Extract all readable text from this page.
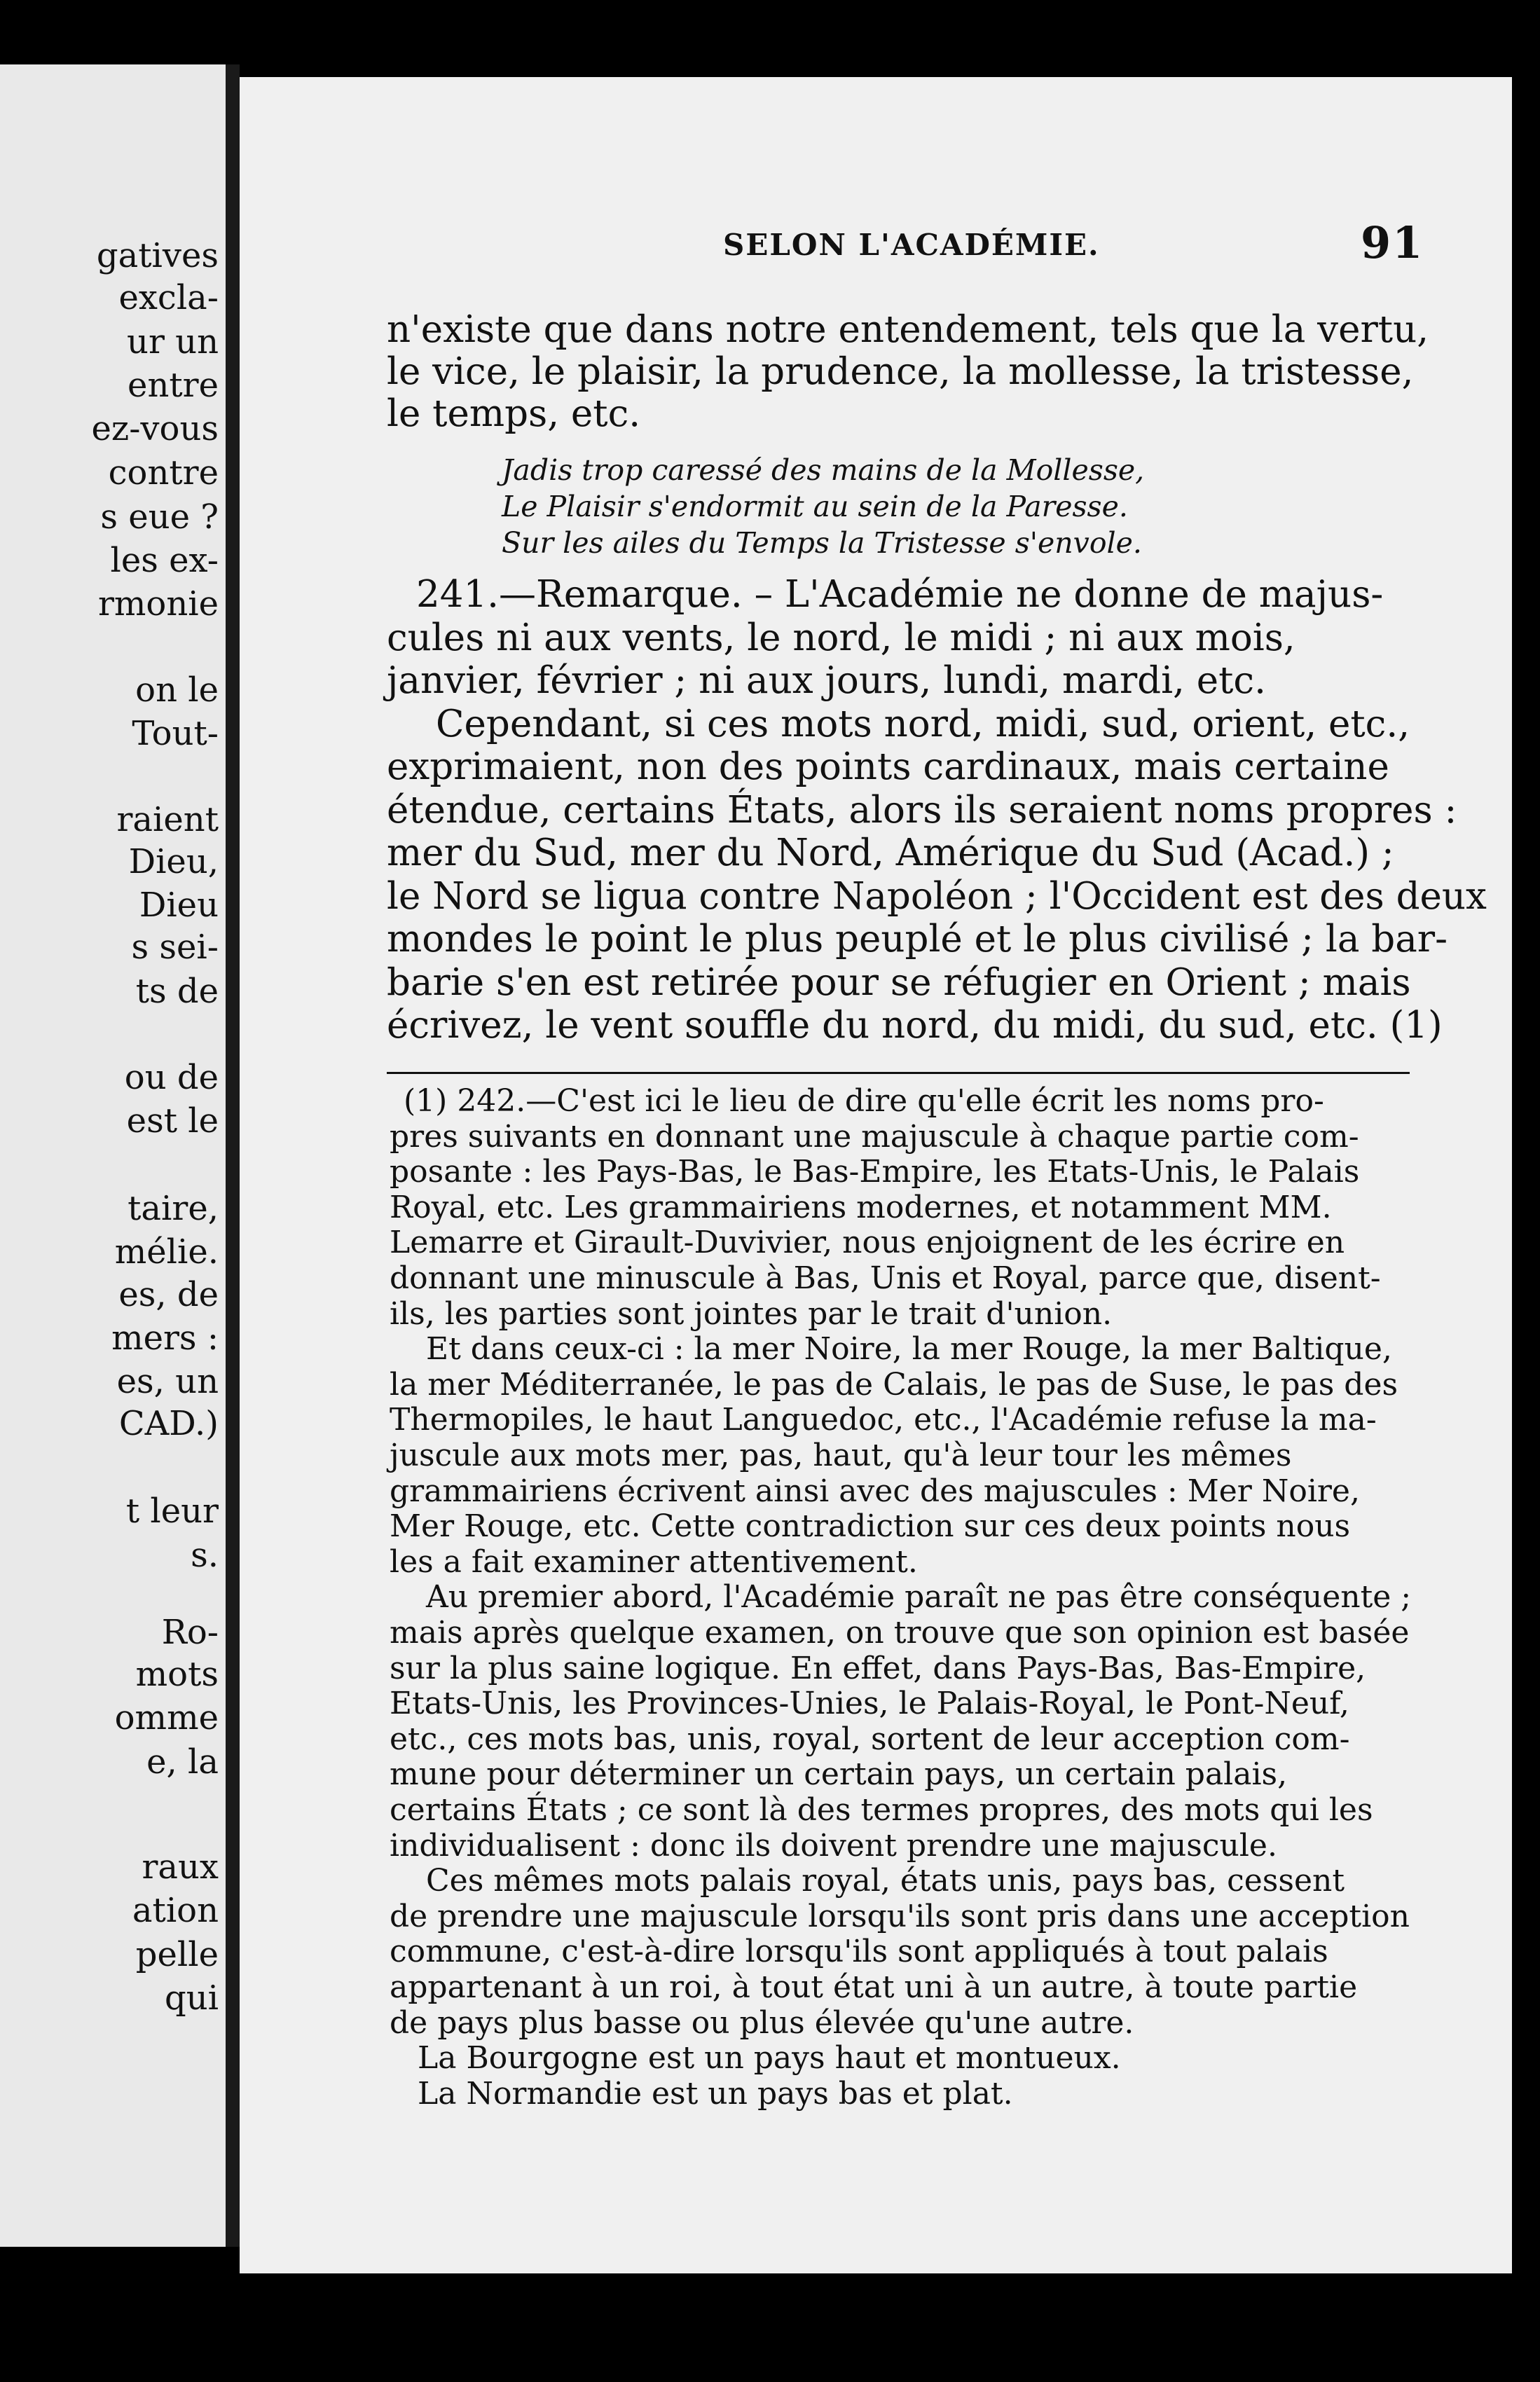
gatives
excla-
ur un
entre
ez-vous
contre
s eue ?
les ex-
rmonie
on le
Tout-
raient
Dieu,
Dieu
s sei-
ts de
ou de
est le
taire,
mélie.
es, de
mers :
es, un
CAD.)
t leur
s.
Ro-
mots
omme
e, la
raux
ation
pelle
qui
SELON L'ACADÉMIE.	91
n'existe que dans notre entendement, tels que la vertu,
le vice, le plaisir, la prudence, la mollesse, la tristesse,
le temps, etc.
Jadis trop caressé des mains de la Mollesse,
Le Plaisir s'endormit au sein de la Paresse.
Sur les ailes du Temps la Tristesse s'envole.
241.—Remarque. – L'Académie ne donne de majus-
cules ni aux vents, le nord, le midi ; ni aux mois,
janvier, février ; ni aux jours, lundi, mardi, etc.
Cependant, si ces mots nord, midi, sud, orient, etc.,
exprimaient, non des points cardinaux, mais certaine
étendue, certains États, alors ils seraient noms propres :
mer du Sud, mer du Nord, Amérique du Sud (Acad.) ;
le Nord se ligua contre Napoléon ; l'Occident est des deux
mondes le point le plus peuplé et le plus civilisé ; la bar-
barie s'en est retirée pour se réfugier en Orient ; mais
écrivez, le vent souffle du nord, du midi, du sud, etc. (1)
(1) 242.—C'est ici le lieu de dire qu'elle écrit les noms pro-
pres suivants en donnant une majuscule à chaque partie com-
posante : les Pays-Bas, le Bas-Empire, les Etats-Unis, le Palais
Royal, etc. Les grammairiens modernes, et notamment MM.
Lemarre et Girault-Duvivier, nous enjoignent de les écrire en
donnant une minuscule à Bas, Unis et Royal, parce que, disent-
ils, les parties sont jointes par le trait d'union.
Et dans ceux-ci : la mer Noire, la mer Rouge, la mer Baltique,
la mer Méditerranée, le pas de Calais, le pas de Suse, le pas des
Thermopiles, le haut Languedoc, etc., l'Académie refuse la ma-
juscule aux mots mer, pas, haut, qu'à leur tour les mêmes
grammairiens écrivent ainsi avec des majuscules : Mer Noire,
Mer Rouge, etc. Cette contradiction sur ces deux points nous
les a fait examiner attentivement.
Au premier abord, l'Académie paraît ne pas être conséquente ;
mais après quelque examen, on trouve que son opinion est basée
sur la plus saine logique. En effet, dans Pays-Bas, Bas-Empire,
Etats-Unis, les Provinces-Unies, le Palais-Royal, le Pont-Neuf,
etc., ces mots bas, unis, royal, sortent de leur acception com-
mune pour déterminer un certain pays, un certain palais,
certains États ; ce sont là des termes propres, des mots qui les
individualisent : donc ils doivent prendre une majuscule.
Ces mêmes mots palais royal, états unis, pays bas, cessent
de prendre une majuscule lorsqu'ils sont pris dans une acception
commune, c'est-à-dire lorsqu'ils sont appliqués à tout palais
appartenant à un roi, à tout état uni à un autre, à toute partie
de pays plus basse ou plus élevée qu'une autre.
La Bourgogne est un pays haut et montueux.
La Normandie est un pays bas et plat.
